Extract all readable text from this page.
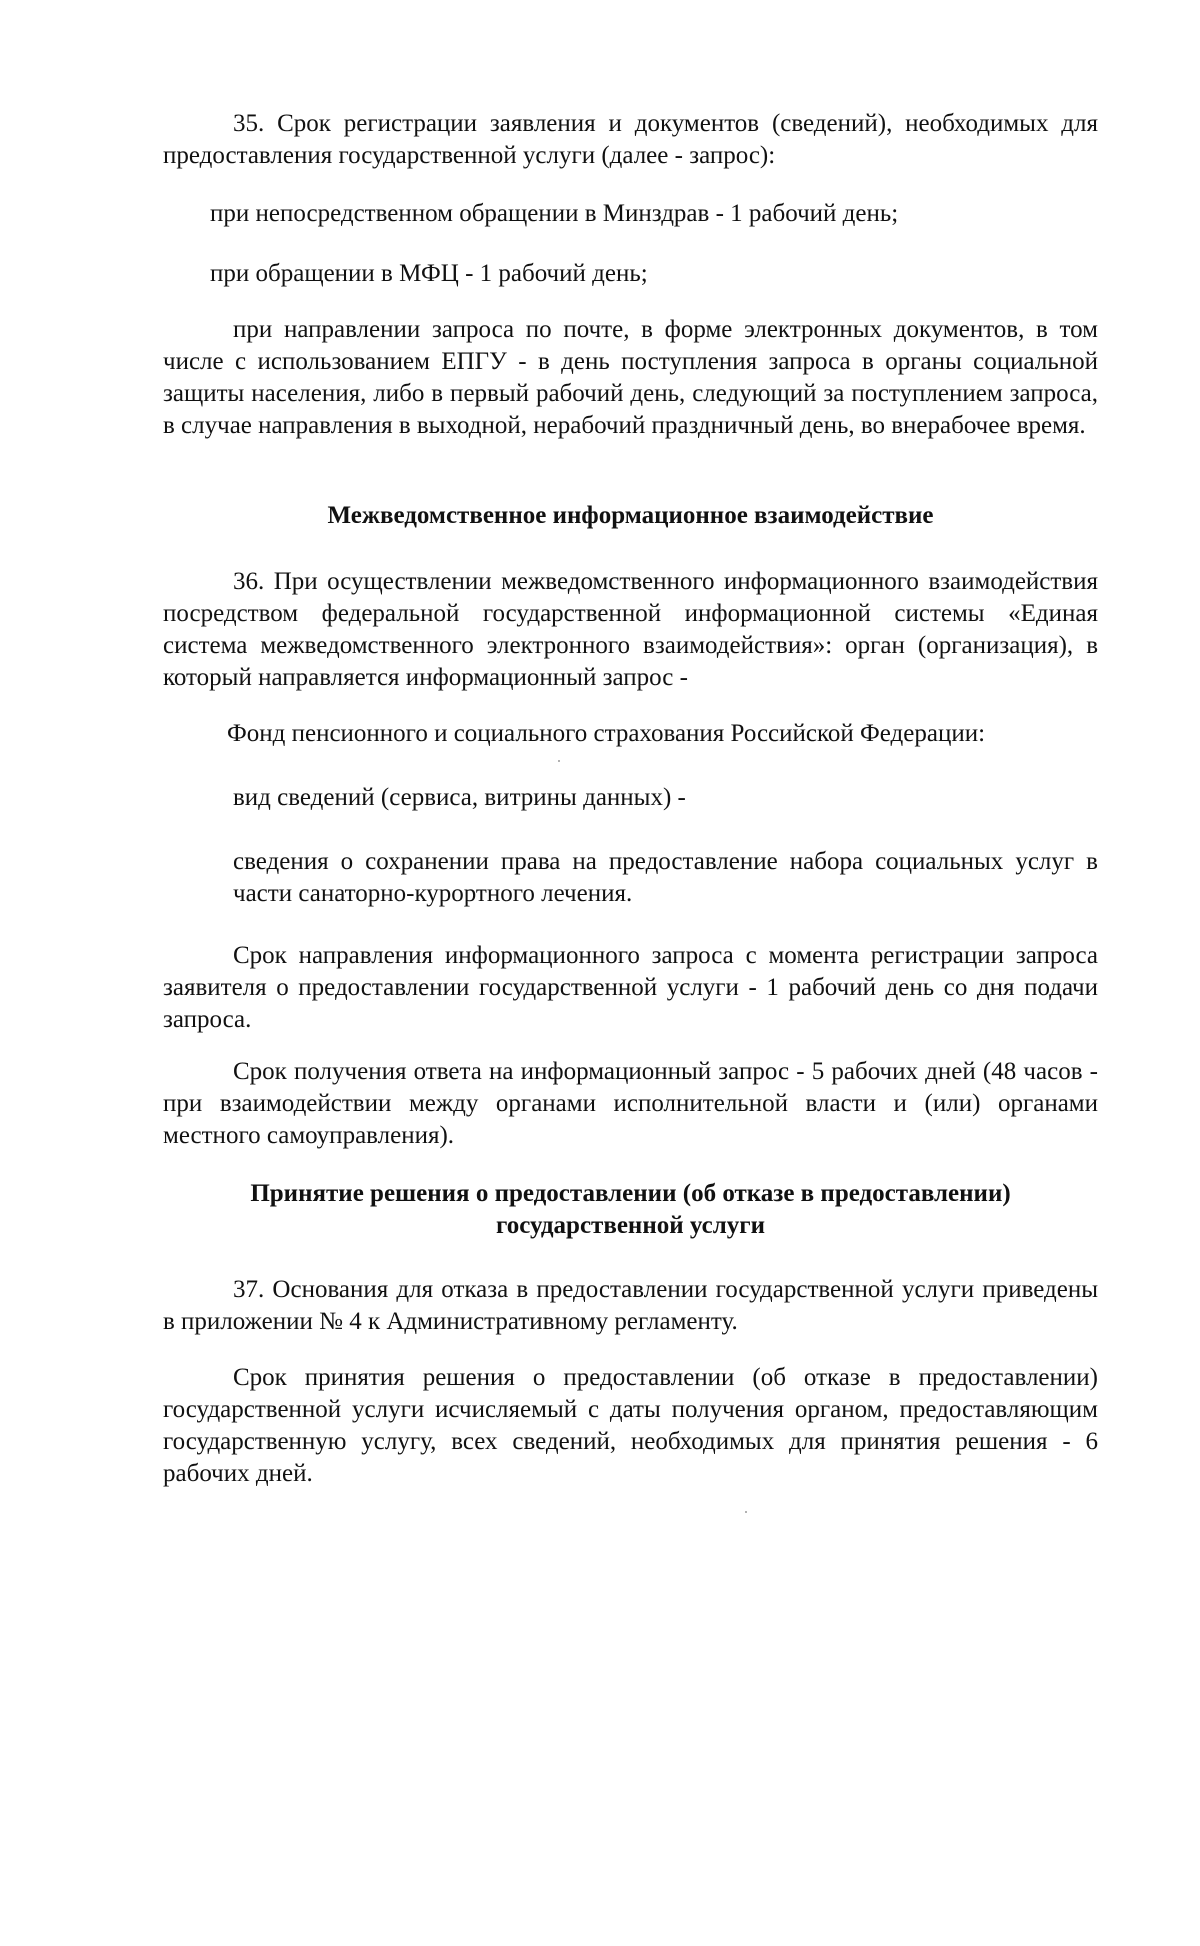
35. Срок регистрации заявления и документов (сведений), необходимых для предоставления государственной услуги (далее - запрос):

при непосредственном обращении в Минздрав - 1 рабочий день;

при обращении в МФЦ - 1 рабочий день;

при направлении запроса по почте, в форме электронных документов, в том числе с использованием ЕПГУ - в день поступления запроса в органы социальной защиты населения, либо в первый рабочий день, следующий за поступлением запроса, в случае направления в выходной, нерабочий праздничный день, во внерабочее время.

Межведомственное информационное взаимодействие

36. При осуществлении межведомственного информационного взаимодействия посредством федеральной государственной информационной системы «Единая система межведомственного электронного взаимодействия»: орган (организация), в который направляется информационный запрос -

Фонд пенсионного и социального страхования Российской Федерации:

вид сведений (сервиса, витрины данных) -

сведения о сохранении права на предоставление набора социальных услуг в части санаторно-курортного лечения.

Срок направления информационного запроса с момента регистрации запроса заявителя о предоставлении государственной услуги - 1 рабочий день со дня подачи запроса.

Срок получения ответа на информационный запрос - 5 рабочих дней (48 часов - при взаимодействии между органами исполнительной власти и (или) органами местного самоуправления).

Принятие решения о предоставлении (об отказе в предоставлении)
государственной услуги

37. Основания для отказа в предоставлении государственной услуги приведены в приложении № 4 к Административному регламенту.

Срок принятия решения о предоставлении (об отказе в предоставлении) государственной услуги исчисляемый с даты получения органом, предоставляющим государственную услугу, всех сведений, необходимых для принятия решения - 6 рабочих дней.
